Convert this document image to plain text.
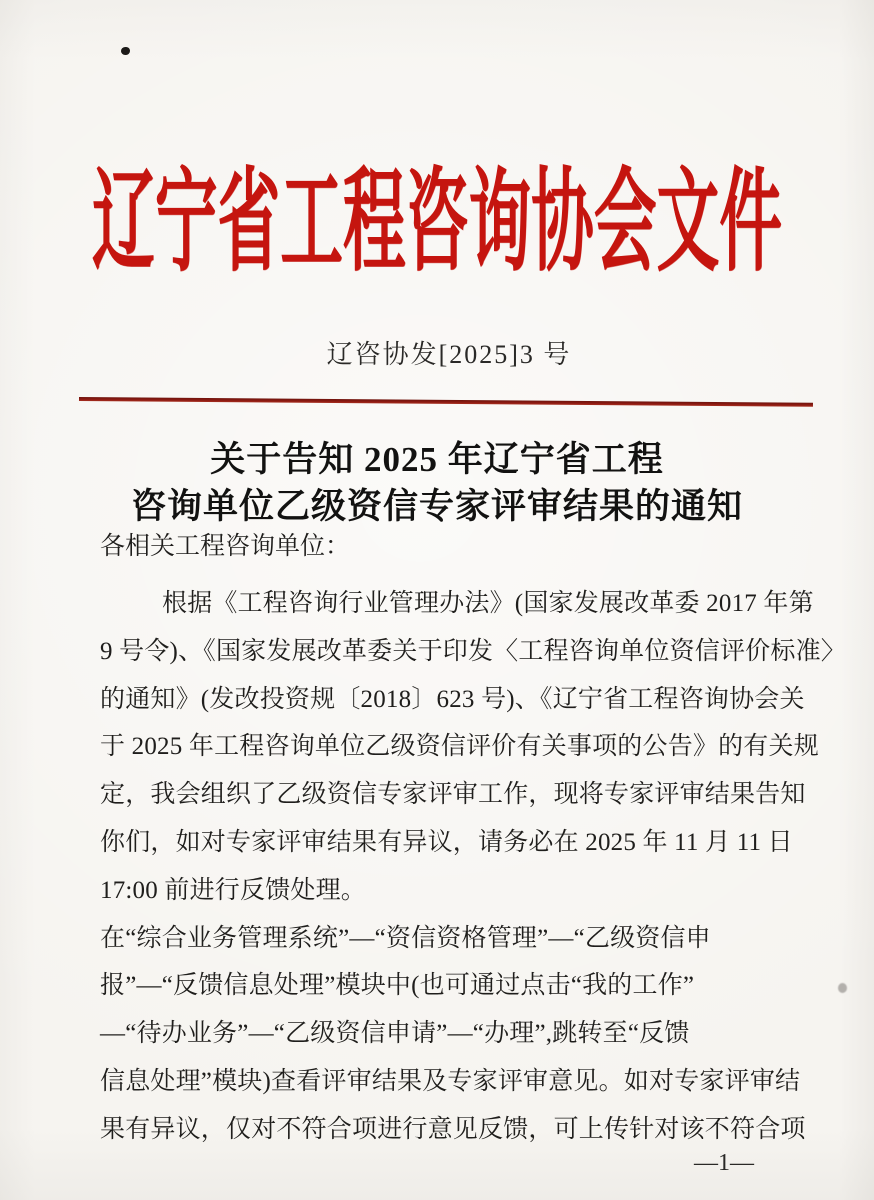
辽宁省工程咨询协会文件
辽咨协发[2025]3 号
关于告知 2025 年辽宁省工程
咨询单位乙级资信专家评审结果的通知
各相关工程咨询单位：
根据《工程咨询行业管理办法》(国家发展改革委 2017 年第
9 号令)、《国家发展改革委关于印发〈工程咨询单位资信评价标准〉
的通知》(发改投资规〔2018〕623 号)、《辽宁省工程咨询协会关
于 2025 年工程咨询单位乙级资信评价有关事项的公告》的有关规
定，我会组织了乙级资信专家评审工作，现将专家评审结果告知
你们，如对专家评审结果有异议，请务必在 2025 年 11 月 11 日
17:00 前进行反馈处理。
在“综合业务管理系统”—“资信资格管理”—“乙级资信申
报”—“反馈信息处理”模块中(也可通过点击“我的工作”
—“待办业务”—“乙级资信申请”—“办理”,跳转至“反馈
信息处理”模块)查看评审结果及专家评审意见。如对专家评审结
果有异议，仅对不符合项进行意见反馈，可上传针对该不符合项
—1—
